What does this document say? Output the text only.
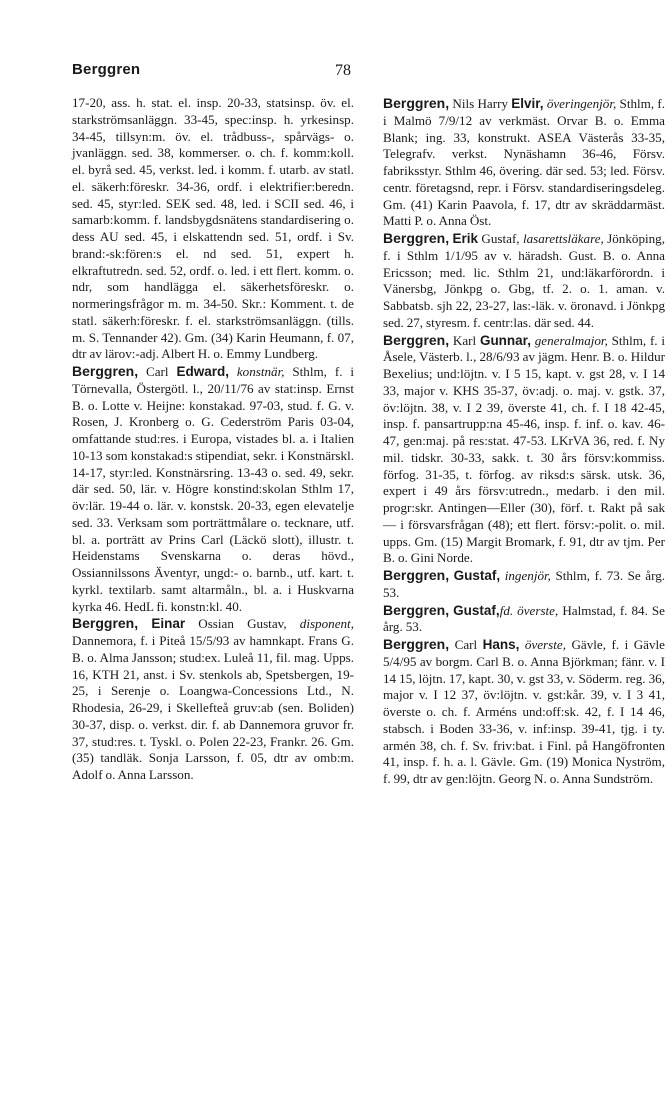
Berggren	78

17-20, ass. h. stat. el. insp. 20-33, statsinsp. öv. el. starkströmsanläggn. 33-45, spec:insp. h. yrkesinsp. 34-45, tillsyn:m. öv. el. trådbuss-, spårvägs- o. jvanläggn. sed. 38, kommerser. o. ch. f. komm:koll. el. byrå sed. 45, verkst. led. i komm. f. utarb. av statl. el. säkerh:föreskr. 34-36, ordf. i elektrifier:beredn. sed. 45, styr:led. SEK sed. 48, led. i SCII sed. 46, i samarb:komm. f. landsbygdsnätens standardisering o. dess AU sed. 45, i elskattendn sed. 51, ordf. i Sv. brand:-sk:fören:s el. nd sed. 51, expert h. elkraftutredn. sed. 52, ordf. o. led. i ett flert. komm. o. ndr, som handlägga el. säkerhetsföreskr. o. normeringsfrågor m. m. 34-50. Skr.: Komment. t. de statl. säkerh:föreskr. f. el. starkströmsanläggn. (tills. m. S. Tennander 42). Gm. (34) Karin Heumann, f. 07, dtr av lärov:-adj. Albert H. o. Emmy Lundberg.

Berggren, Carl Edward, konstnär, Sthlm, f. i Törnevalla, Östergötl. l., 20/11/76 av stat:insp. Ernst B. o. Lotte v. Heijne: konstakad. 97-03, stud. f. G. v. Rosen, J. Kronberg o. G. Cederström Paris 03-04, omfattande stud:res. i Europa, vistades bl. a. i Italien 10-13 som konstakad:s stipendiat, sekr. i Konstnärskl. 14-17, styr:led. Konstnärsring. 13-43 o. sed. 49, sekr. där sed. 50, lär. v. Högre konstind:skolan Sthlm 17, öv:lär. 19-44 o. lär. v. konstsk. 20-33, egen elevatelje sed. 33. Verksam som porträttmålare o. tecknare, utf. bl. a. porträtt av Prins Carl (Läckö slott), illustr. t. Heidenstams Svenskarna o. deras hövd., Ossiannilssons Äventyr, ungd:- o. barnb., utf. kart. t. kyrkl. textilarb. samt altarmåln., bl. a. i Huskvarna kyrka 46. HedL fi. konstn:kl. 40.

Berggren, Einar Ossian Gustav, disponent, Dannemora, f. i Piteå 15/5/93 av hamnkapt. Frans G. B. o. Alma Jansson; stud:ex. Luleå 11, fil. mag. Upps. 16, KTH 21, anst. i Sv. stenkols ab, Spetsbergen, 19-25, i Serenje o. Loangwa-Concessions Ltd., N. Rhodesia, 26-29, i Skellefteå gruv:ab (sen. Boliden) 30-37, disp. o. verkst. dir. f. ab Dannemora gruvor fr. 37, stud:res. t. Tyskl. o. Polen 22-23, Frankr. 26. Gm. (35) tandläk. Sonja Larsson, f. 05, dtr av omb:m. Adolf o. Anna Larsson.

Berggren, Nils Harry Elvir, överingenjör, Sthlm, f. i Malmö 7/9/12 av verkmäst. Orvar B. o. Emma Blank; ing. 33, konstrukt. ASEA Västerås 33-35, Telegrafv. verkst. Nynäshamn 36-46, Försv. fabriksstyr. Sthlm 46, övering. där sed. 53; led. Försv. centr. företagsnd, repr. i Försv. standardiseringsdeleg. Gm. (41) Karin Paavola, f. 17, dtr av skräddarmäst. Matti P. o. Anna Öst.

Berggren, Erik Gustaf, lasarettsläkare, Jönköping, f. i Sthlm 1/1/95 av v. häradsh. Gust. B. o. Anna Ericsson; med. lic. Sthlm 21, und:läkarförordn. i Vänersbg, Jönkpg o. Gbg, tf. 2. o. 1. aman. v. Sabbatsb. sjh 22, 23-27, las:-läk. v. öronavd. i Jönkpg sed. 27, styresm. f. centr:las. där sed. 44.

Berggren, Karl Gunnar, generalmajor, Sthlm, f. i Åsele, Västerb. l., 28/6/93 av jägm. Henr. B. o. Hildur Bexelius; und:löjtn. v. I 5 15, kapt. v. gst 28, v. I 14 33, major v. KHS 35-37, öv:adj. o. maj. v. gstk. 37, öv:löjtn. 38, v. I 2 39, överste 41, ch. f. I 18 42-45, insp. f. pansartrupp:na 45-46, insp. f. inf. o. kav. 46-47, gen:maj. på res:stat. 47-53. LKrVA 36, red. f. Ny mil. tidskr. 30-33, sakk. t. 30 års försv:kommiss. förfog. 31-35, t. förfog. av riksd:s särsk. utsk. 36, expert i 49 års försv:utredn., medarb. i den mil. progr:skr. Antingen—Eller (30), förf. t. Rakt på sak — i försvarsfrågan (48); ett flert. försv:-polit. o. mil. upps. Gm. (15) Margit Bromark, f. 91, dtr av tjm. Per B. o. Gini Norde.

Berggren, Gustaf, ingenjör, Sthlm, f. 73. Se årg. 53.

Berggren, Gustaf,fd. överste, Halmstad, f. 84. Se årg. 53.

Berggren, Carl Hans, överste, Gävle, f. i Gävle 5/4/95 av borgm. Carl B. o. Anna Björkman; fänr. v. I 14 15, löjtn. 17, kapt. 30, v. gst 33, v. Söderm. reg. 36, major v. I 12 37, öv:löjtn. v. gst:kår. 39, v. I 3 41, överste o. ch. f. Arméns und:off:sk. 42, f. I 14 46, stabsch. i Boden 33-36, v. inf:insp. 39-41, tjg. i ty. armén 38, ch. f. Sv. friv:bat. i Finl. på Hangöfronten 41, insp. f. h. a. l. Gävle. Gm. (19) Monica Nyström, f. 99, dtr av gen:löjtn. Georg N. o. Anna Sundström.
